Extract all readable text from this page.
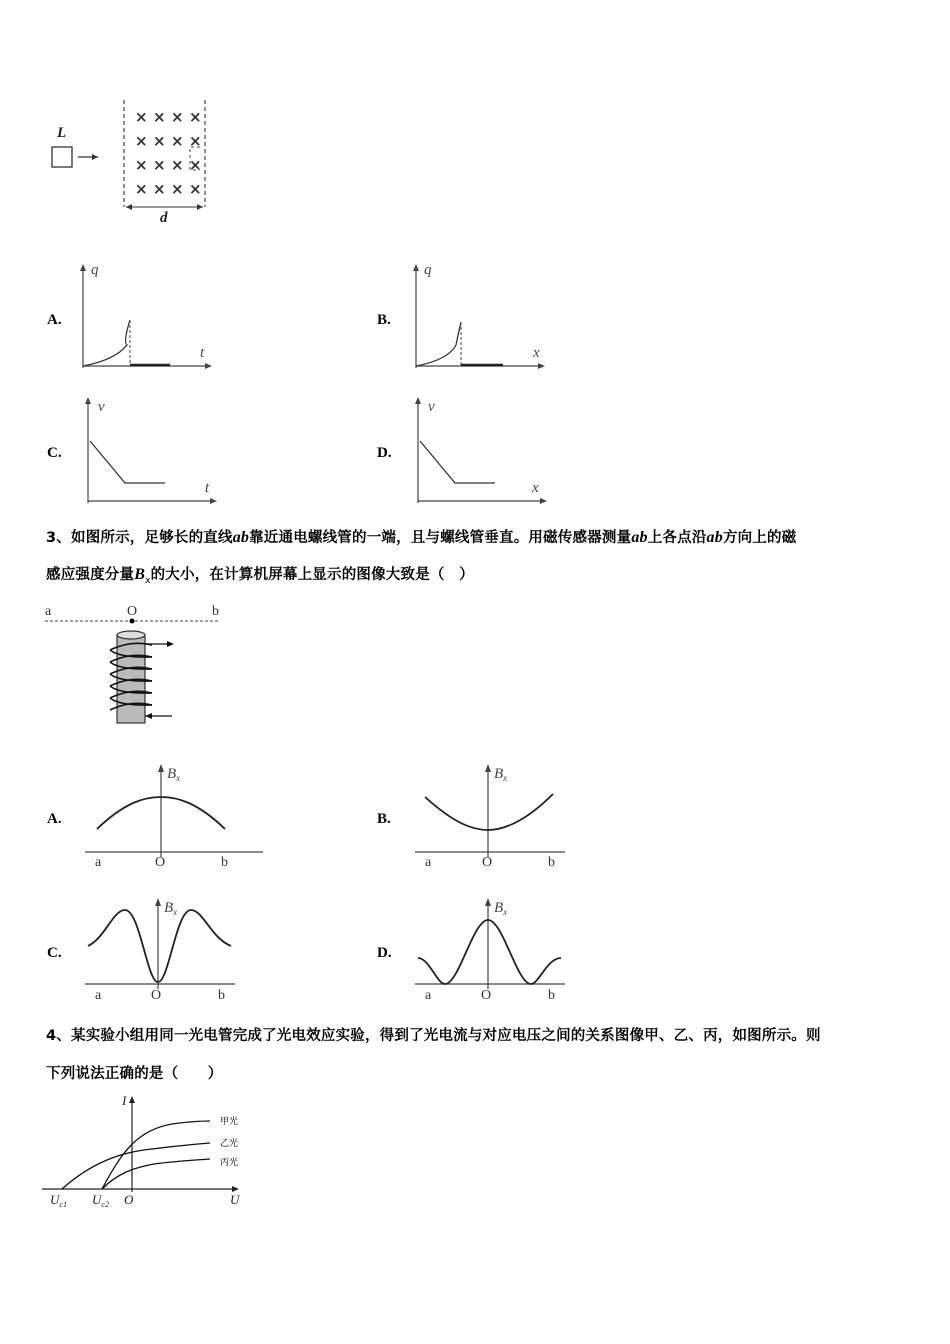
L
× × × ×
× × × ×
× × × ×
× × × ×
d
A.
q
t
B.
q
x
C.
v
t
D.
v
x
3、如图所示，足够长的直线ab靠近通电螺线管的一端，且与螺线管垂直。用磁传感器测量ab上各点沿ab方向上的磁
感应强度分量$B_x$的大小，在计算机屏幕上显示的图像大致是（　）
a	O	b
A.
$B_x$
a	O	b
B.
$B_x$
a	O	b
C.
$B_x$
a	O	b
D.
$B_x$
a	O	b
4、某实验小组用同一光电管完成了光电效应实验，得到了光电流与对应电压之间的关系图像甲、乙、丙，如图所示。则
下列说法正确的是（　　）
I
U
O
$U_{c1}$ $U_{c2}$
甲光
乙光
丙光
